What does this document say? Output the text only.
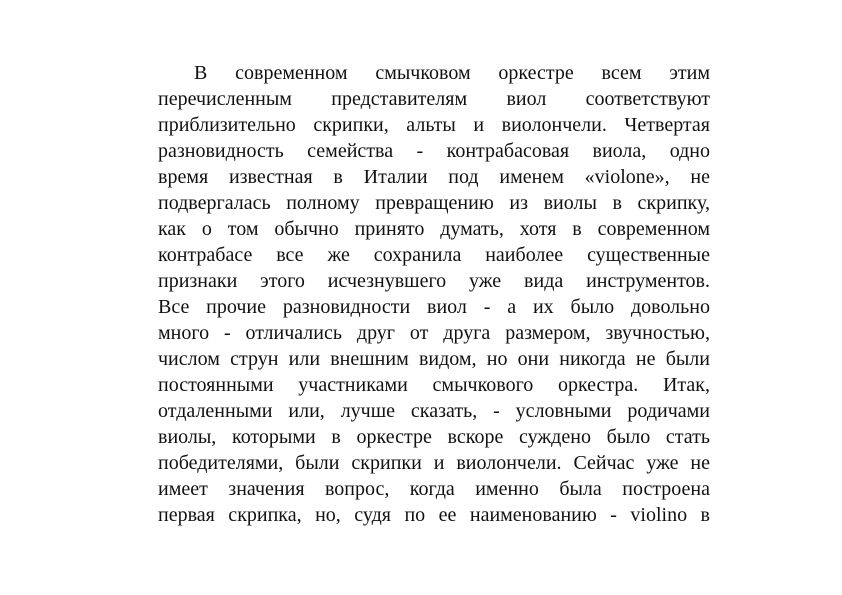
В современном смычковом оркестре всем этим
перечисленным представителям виол соответствуют
приблизительно скрипки, альты и виолончели. Четвертая
разновидность семейства - контрабасовая виола, одно
время известная в Италии под именем «violone», не
подвергалась полному превращению из виолы в скрипку,
как о том обычно принято думать, хотя в современном
контрабасе все же сохранила наиболее существенные
признаки этого исчезнувшего уже вида инструментов.
Все прочие разновидности виол - а их было довольно
много - отличались друг от друга размером, звучностью,
числом струн или внешним видом, но они никогда не были
постоянными участниками смычкового оркестра. Итак,
отдаленными или, лучше сказать, - условными родичами
виолы, которыми в оркестре вскоре суждено было стать
победителями, были скрипки и виолончели. Сейчас уже не
имеет значения вопрос, когда именно была построена
первая скрипка, но, судя по ее наименованию - violino в
